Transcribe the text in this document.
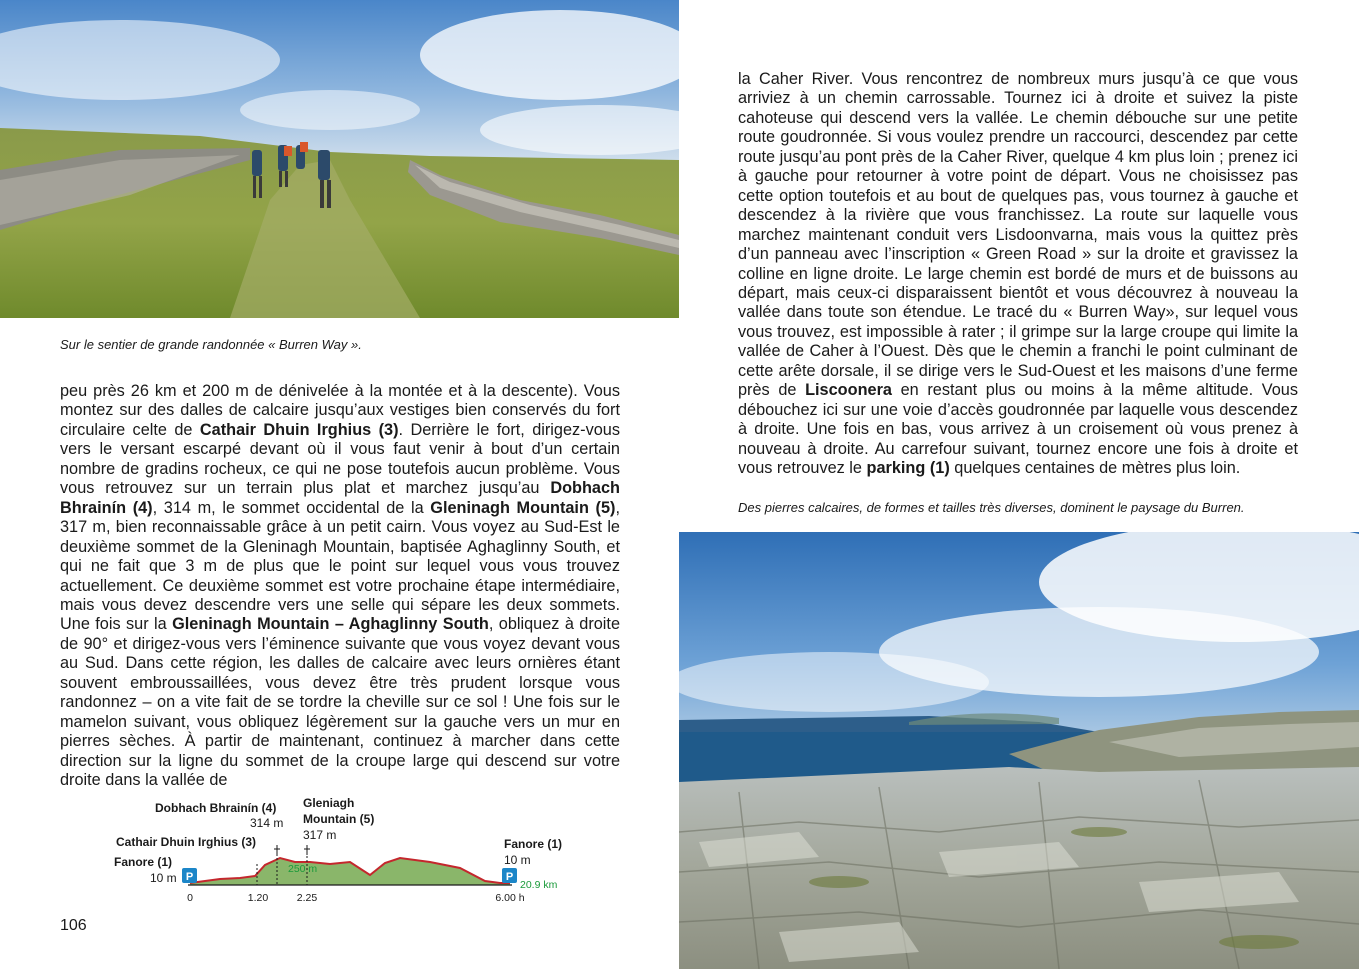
Sur le sentier de grande randonnée « Burren Way ».
peu près 26 km et 200 m de dénivelée à la montée et à la descente). Vous montez sur des dalles de calcaire jusqu’aux vestiges bien conservés du fort circulaire celte de Cathair Dhuin Irghius (3). Derrière le fort, dirigez-vous vers le versant escarpé devant où il vous faut venir à bout d’un certain nombre de gradins rocheux, ce qui ne pose toutefois aucun problème. Vous vous retrouvez sur un terrain plus plat et marchez jusqu’au Dobhach Bhrainín (4), 314 m, le sommet occidental de la Gleninagh Mountain (5), 317 m, bien reconnaissable grâce à un petit cairn. Vous voyez au Sud-Est le deuxième sommet de la Gleninagh Mountain, baptisée Aghaglinny South, et qui ne fait que 3 m de plus que le point sur lequel vous vous trouvez actuellement. Ce deuxième sommet est votre prochaine étape intermédiaire, mais vous devez descendre vers une selle qui sépare les deux sommets. Une fois sur la Gleninagh Mountain – Aghaglinny South, obliquez à droite de 90° et dirigez-vous vers l’éminence suivante que vous voyez devant vous au Sud. Dans cette région, les dalles de calcaire avec leurs ornières étant souvent embroussaillées, vous devez être très prudent lorsque vous randonnez – on a vite fait de se tordre la cheville sur ce sol ! Une fois sur le mamelon suivant, vous obliquez légèrement sur la gauche vers un mur en pierres sèches. À partir de maintenant, continuez à marcher dans cette direction sur la ligne du sommet de la croupe large qui descend sur votre droite dans la vallée de
P	P
Dobhach Bhrainín (4)
314 m
Gleniagh
Mountain (5)
317 m
Cathair Dhuin Irghius (3)
Fanore (1)
10 m
Fanore (1)
10 m
250 m
20.9 km
0	1.20	2.25	6.00 h
106
la Caher River. Vous rencontrez de nombreux murs jusqu’à ce que vous arriviez à un chemin carrossable. Tournez ici à droite et suivez la piste cahoteuse qui descend vers la vallée. Le chemin débouche sur une petite route goudronnée. Si vous voulez prendre un raccourci, descendez par cette route jusqu’au pont près de la Caher River, quelque 4 km plus loin ; prenez ici à gauche pour retourner à votre point de départ. Vous ne choisissez pas cette option toutefois et au bout de quelques pas, vous tournez à gauche et descendez à la rivière que vous franchissez. La route sur laquelle vous marchez maintenant conduit vers Lisdoonvarna, mais vous la quittez près d’un panneau avec l’inscription « Green Road » sur la droite et gravissez la colline en ligne droite. Le large chemin est bordé de murs et de buissons au départ, mais ceux-ci disparaissent bientôt et vous découvrez à nouveau la vallée dans toute son étendue. Le tracé du « Burren Way», sur lequel vous vous trouvez, est impossible à rater ; il grimpe sur la large croupe qui limite la vallée de Caher à l’Ouest. Dès que le chemin a franchi le point culminant de cette arête dorsale, il se dirige vers le Sud-Ouest et les maisons d’une ferme près de Liscoonera en restant plus ou moins à la même altitude. Vous débouchez ici sur une voie d’accès goudronnée par laquelle vous descendez à droite. Une fois en bas, vous arrivez à un croisement où vous prenez à nouveau à droite. Au carrefour suivant, tournez encore une fois à droite et vous retrouvez le parking (1) quelques centaines de mètres plus loin.
Des pierres calcaires, de formes et tailles très diverses, dominent le paysage du Burren.
